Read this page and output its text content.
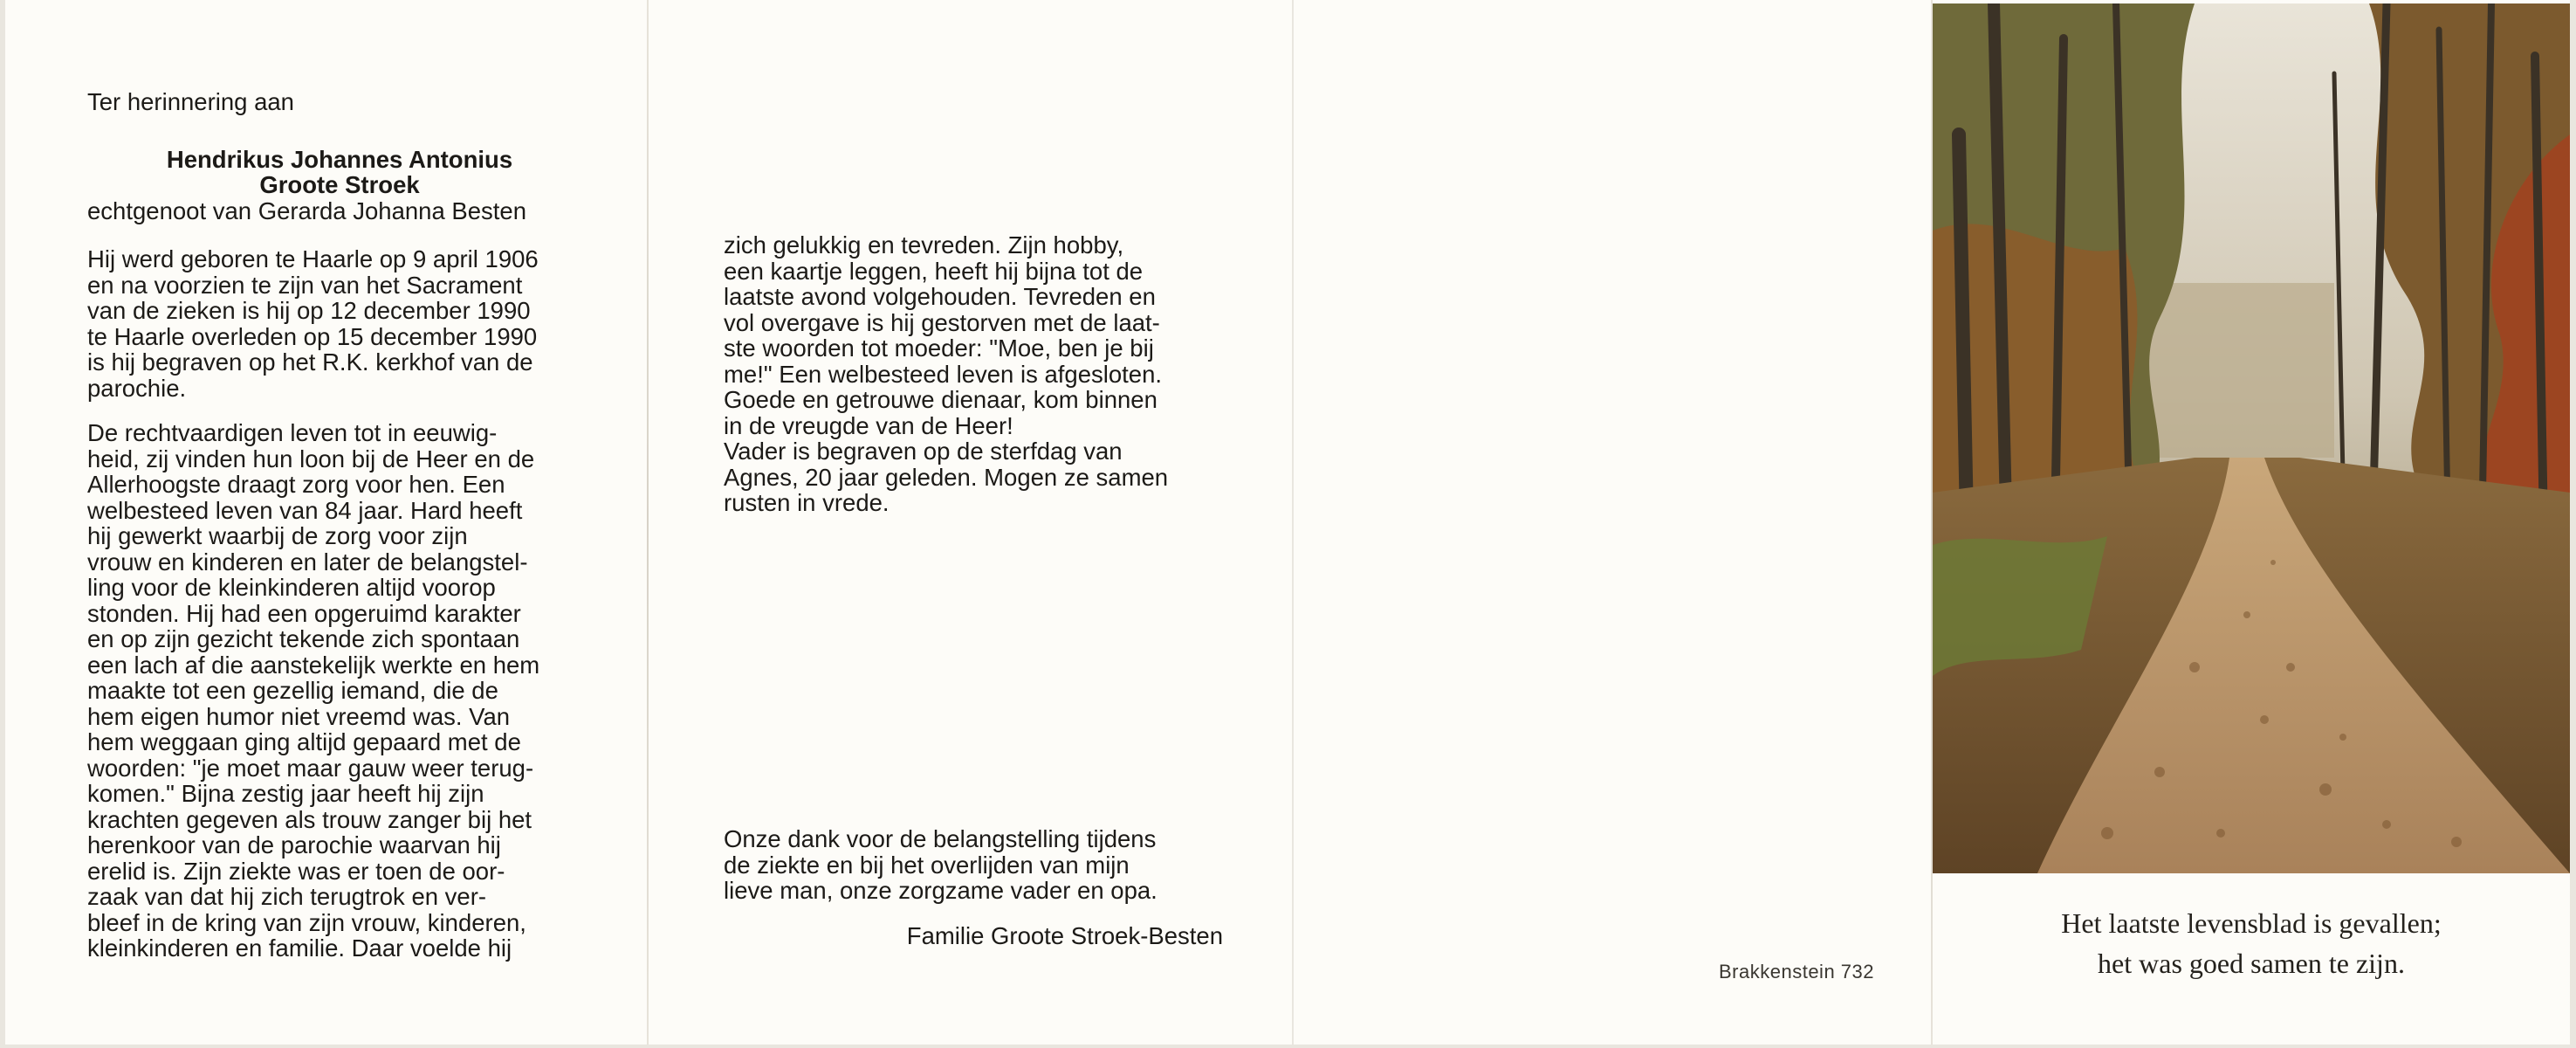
Ter herinnering aan
Hendrikus Johannes Antonius
Groote Stroek
echtgenoot van Gerarda Johanna Besten
Hij werd geboren te Haarle op 9 april 1906
en na voorzien te zijn van het Sacrament
van de zieken is hij op 12 december 1990
te Haarle overleden op 15 december 1990
is hij begraven op het R.K. kerkhof van de
parochie.
De rechtvaardigen leven tot in eeuwig-
heid, zij vinden hun loon bij de Heer en de
Allerhoogste draagt zorg voor hen. Een
welbesteed leven van 84 jaar. Hard heeft
hij gewerkt waarbij de zorg voor zijn
vrouw en kinderen en later de belangstel-
ling voor de kleinkinderen altijd voorop
stonden. Hij had een opgeruimd karakter
en op zijn gezicht tekende zich spontaan
een lach af die aanstekelijk werkte en hem
maakte tot een gezellig iemand, die de
hem eigen humor niet vreemd was. Van
hem weggaan ging altijd gepaard met de
woorden: "je moet maar gauw weer terug-
komen." Bijna zestig jaar heeft hij zijn
krachten gegeven als trouw zanger bij het
herenkoor van de parochie waarvan hij
erelid is. Zijn ziekte was er toen de oor-
zaak van dat hij zich terugtrok en ver-
bleef in de kring van zijn vrouw, kinderen,
kleinkinderen en familie. Daar voelde hij
zich gelukkig en tevreden. Zijn hobby,
een kaartje leggen, heeft hij bijna tot de
laatste avond volgehouden. Tevreden en
vol overgave is hij gestorven met de laat-
ste woorden tot moeder: "Moe, ben je bij
me!" Een welbesteed leven is afgesloten.
Goede en getrouwe dienaar, kom binnen
in de vreugde van de Heer!
Vader is begraven op de sterfdag van
Agnes, 20 jaar geleden. Mogen ze samen
rusten in vrede.
Onze dank voor de belangstelling tijdens
de ziekte en bij het overlijden van mijn
lieve man, onze zorgzame vader en opa.
Familie Groote Stroek-Besten
Brakkenstein 732
Het laatste levensblad is gevallen;
het was goed samen te zijn.
